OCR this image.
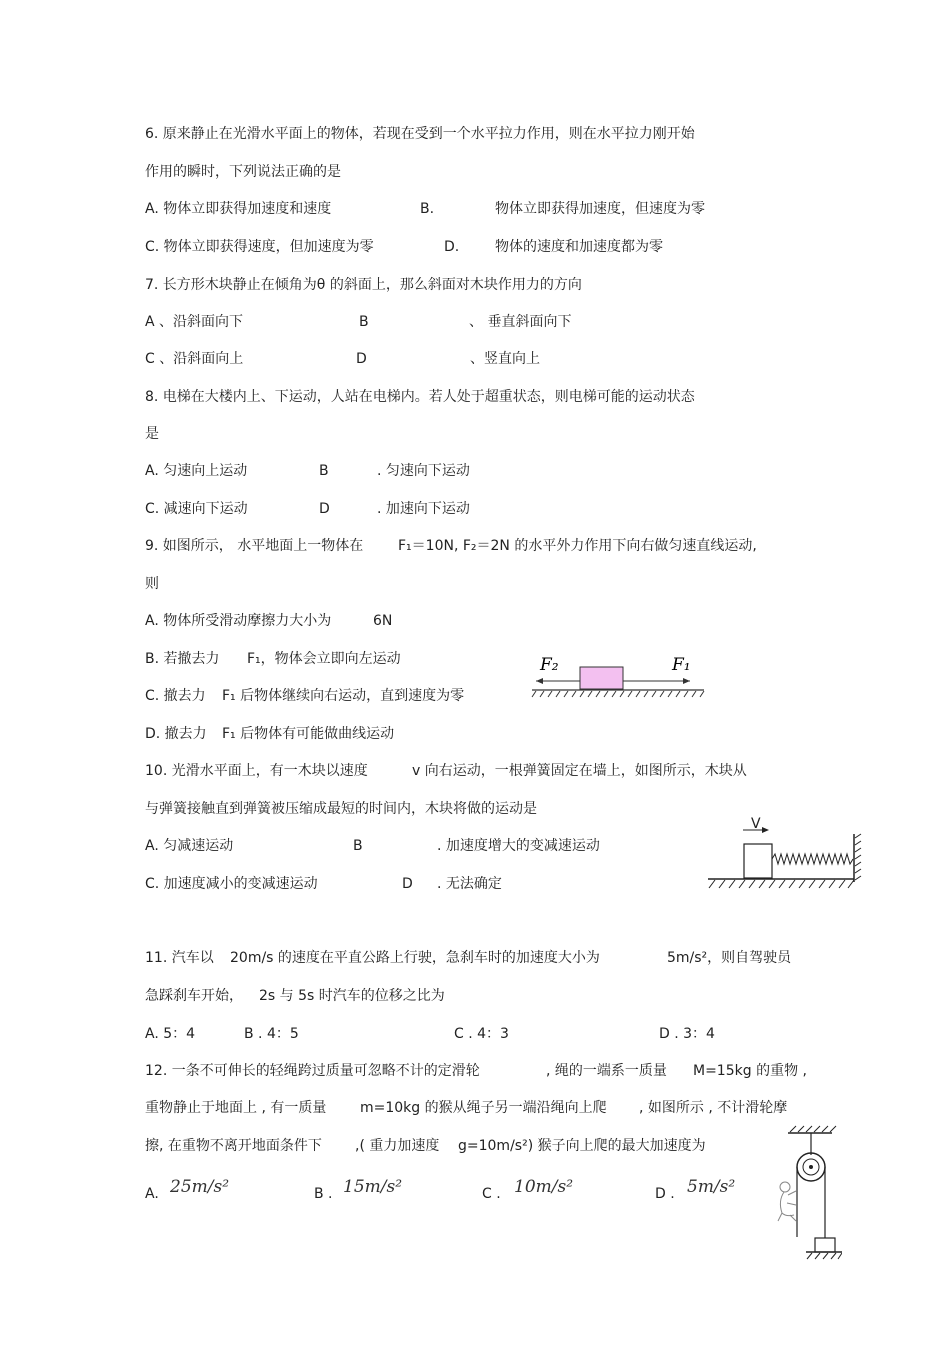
6. 原来静止在光滑水平面上的物体，若现在受到一个水平拉力作用，则在水平拉力刚开始
作用的瞬时，下列说法正确的是
A. 物体立即获得加速度和速度	B.	物体立即获得加速度，但速度为零
C. 物体立即获得速度，但加速度为零	D.	物体的速度和加速度都为零
7. 长方形木块静止在倾角为θ 的斜面上，那么斜面对木块作用力的方向
A 、沿斜面向下	B	、 垂直斜面向下
C 、沿斜面向上	D	、竖直向上
8. 电梯在大楼内上、下运动，人站在电梯内。若人处于超重状态，则电梯可能的运动状态
是
A. 匀速向上运动	B	. 匀速向下运动
C. 减速向下运动	D	. 加速向下运动
9. 如图所示， 水平地面上一物体在 F₁＝10N, F₂＝2N 的水平外力作用下向右做匀速直线运动,
则
A. 物体所受滑动摩擦力大小为	6N
B. 若撤去力 F₁，物体会立即向左运动
C. 撤去力 F₁ 后物体继续向右运动，直到速度为零
D. 撤去力 F₁ 后物体有可能做曲线运动
F₂	F₁
10. 光滑水平面上，有一木块以速度	v 向右运动，一根弹簧固定在墙上，如图所示，木块从
与弹簧接触直到弹簧被压缩成最短的时间内，木块将做的运动是
A. 匀减速运动	B	. 加速度增大的变减速运动
C. 加速度减小的变减速运动	D . 无法确定
V
11. 汽车以 20m/s 的速度在平直公路上行驶，急刹车时的加速度大小为	5m/s²，则自驾驶员
急踩刹车开始， 2s 与 5s 时汽车的位移之比为
A. 5：4	B . 4：5	C . 4：3	D . 3：4
12. 一条不可伸长的轻绳跨过质量可忽略不计的定滑轮	, 绳的一端系一质量 M=15kg 的重物 ,
重物静止于地面上 , 有一质量 m=10kg 的猴从绳子另一端沿绳向上爬 , 如图所示 , 不计滑轮摩
擦, 在重物不离开地面条件下 ,( 重力加速度 g=10m/s²) 猴子向上爬的最大加速度为
A. 25m/s²	B . 15m/s²	C . 10m/s²	D . 5m/s²
